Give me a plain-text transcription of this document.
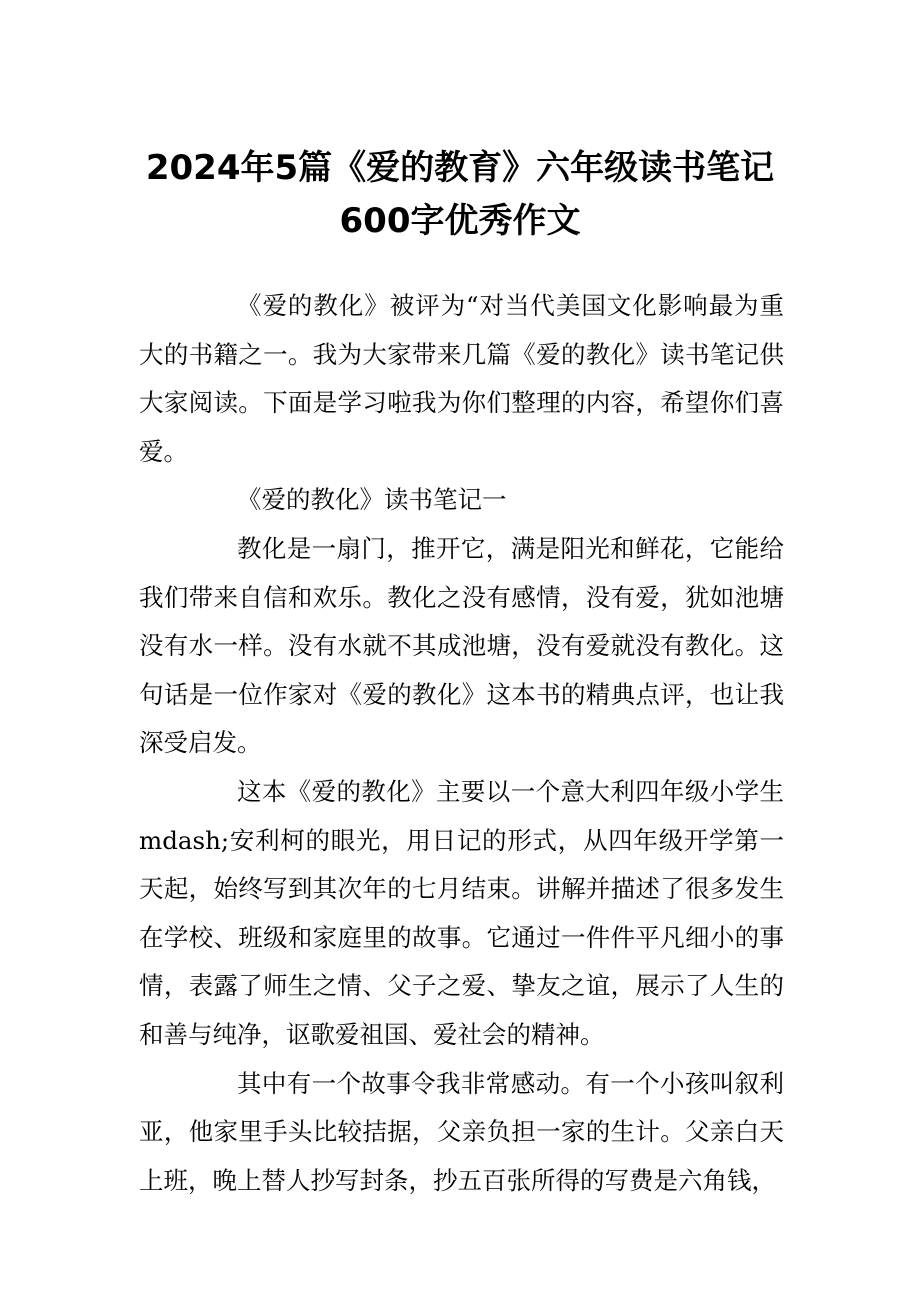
2024年5篇《爱的教育》六年级读书笔记600字优秀作文

《爱的教化》被评为“对当代美国文化影响最为重大的书籍之一。我为大家带来几篇《爱的教化》读书笔记供大家阅读。下面是学习啦我为你们整理的内容，希望你们喜爱。

《爱的教化》读书笔记一

教化是一扇门，推开它，满是阳光和鲜花，它能给我们带来自信和欢乐。教化之没有感情，没有爱，犹如池塘没有水一样。没有水就不其成池塘，没有爱就没有教化。这句话是一位作家对《爱的教化》这本书的精典点评，也让我深受启发。

这本《爱的教化》主要以一个意大利四年级小学生mdash;安利柯的眼光，用日记的形式，从四年级开学第一天起，始终写到其次年的七月结束。讲解并描述了很多发生在学校、班级和家庭里的故事。它通过一件件平凡细小的事情，表露了师生之情、父子之爱、挚友之谊，展示了人生的和善与纯净，讴歌爱祖国、爱社会的精神。

其中有一个故事令我非常感动。有一个小孩叫叙利亚，他家里手头比较拮据，父亲负担一家的生计。父亲白天上班，晚上替人抄写封条，抄五百张所得的写费是六角钱，
